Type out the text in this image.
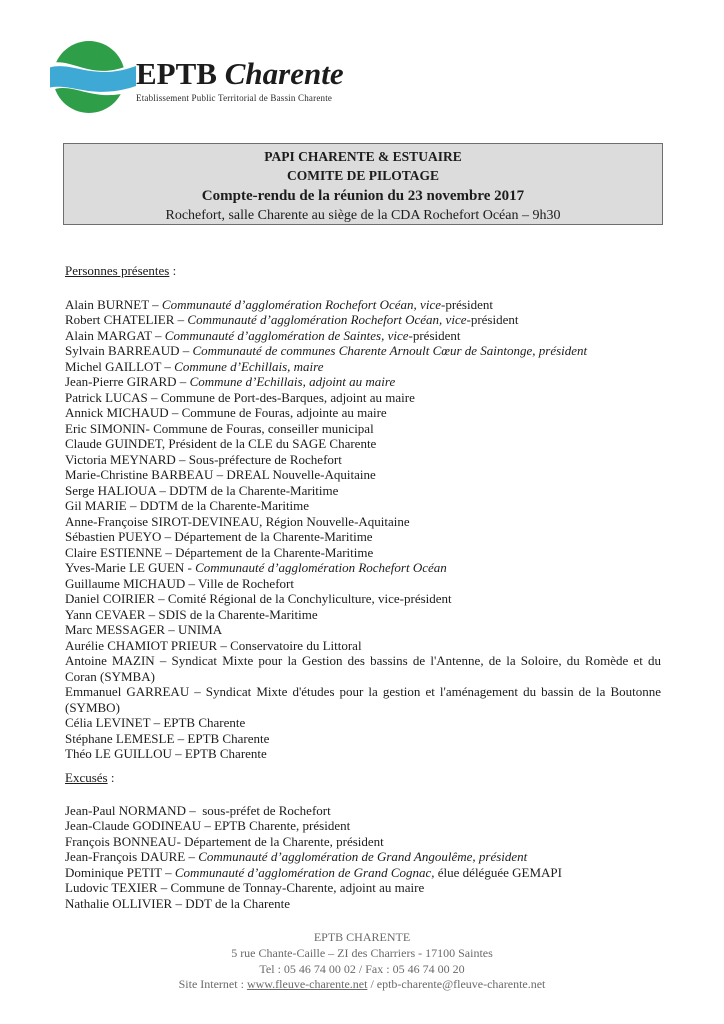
EPTB Charente
Etablissement Public Territorial de Bassin Charente
PAPI CHARENTE & ESTUAIRE
COMITE DE PILOTAGE
Compte-rendu de la réunion du 23 novembre 2017
Rochefort, salle Charente au siège de la CDA Rochefort Océan – 9h30
Personnes présentes :

Alain BURNET – Communauté d’agglomération Rochefort Océan, vice-président

Robert CHATELIER – Communauté d’agglomération Rochefort Océan, vice-président

Alain MARGAT – Communauté d’agglomération de Saintes, vice-président

Sylvain BARREAUD – Communauté de communes Charente Arnoult Cœur de Saintonge, président

Michel GAILLOT – Commune d’Echillais, maire

Jean-Pierre GIRARD – Commune d’Echillais, adjoint au maire

Patrick LUCAS – Commune de Port-des-Barques, adjoint au maire

Annick MICHAUD – Commune de Fouras, adjointe au maire

Eric SIMONIN- Commune de Fouras, conseiller municipal

Claude GUINDET, Président de la CLE du SAGE Charente

Victoria MEYNARD – Sous-préfecture de Rochefort

Marie-Christine BARBEAU – DREAL Nouvelle-Aquitaine

Serge HALIOUA – DDTM de la Charente-Maritime

Gil MARIE – DDTM de la Charente-Maritime

Anne-Françoise SIROT-DEVINEAU, Région Nouvelle-Aquitaine

Sébastien PUEYO – Département de la Charente-Maritime

Claire ESTIENNE – Département de la Charente-Maritime

Yves-Marie LE GUEN - Communauté d’agglomération Rochefort Océan

Guillaume MICHAUD – Ville de Rochefort

Daniel COIRIER – Comité Régional de la Conchyliculture, vice-président

Yann CEVAER – SDIS de la Charente-Maritime

Marc MESSAGER – UNIMA

Aurélie CHAMIOT PRIEUR – Conservatoire du Littoral

Antoine MAZIN – Syndicat Mixte pour la Gestion des bassins de l'Antenne, de la Soloire, du Romède et du Coran (SYMBA)

Emmanuel GARREAU – Syndicat Mixte d'études pour la gestion et l'aménagement du bassin de la Boutonne (SYMBO)

Célia LEVINET – EPTB Charente

Stéphane LEMESLE – EPTB Charente

Théo LE GUILLOU – EPTB Charente

Excusés :

Jean-Paul NORMAND –  sous-préfet de Rochefort

Jean-Claude GODINEAU – EPTB Charente, président

François BONNEAU- Département de la Charente, président

Jean-François DAURE – Communauté d’agglomération de Grand Angoulême, président

Dominique PETIT – Communauté d’agglomération de Grand Cognac, élue déléguée GEMAPI

Ludovic TEXIER – Commune de Tonnay-Charente, adjoint au maire

Nathalie OLLIVIER – DDT de la Charente

EPTB CHARENTE
5 rue Chante-Caille – ZI des Charriers - 17100 Saintes
Tel : 05 46 74 00 02 / Fax : 05 46 74 00 20
Site Internet : www.fleuve-charente.net / eptb-charente@fleuve-charente.net
